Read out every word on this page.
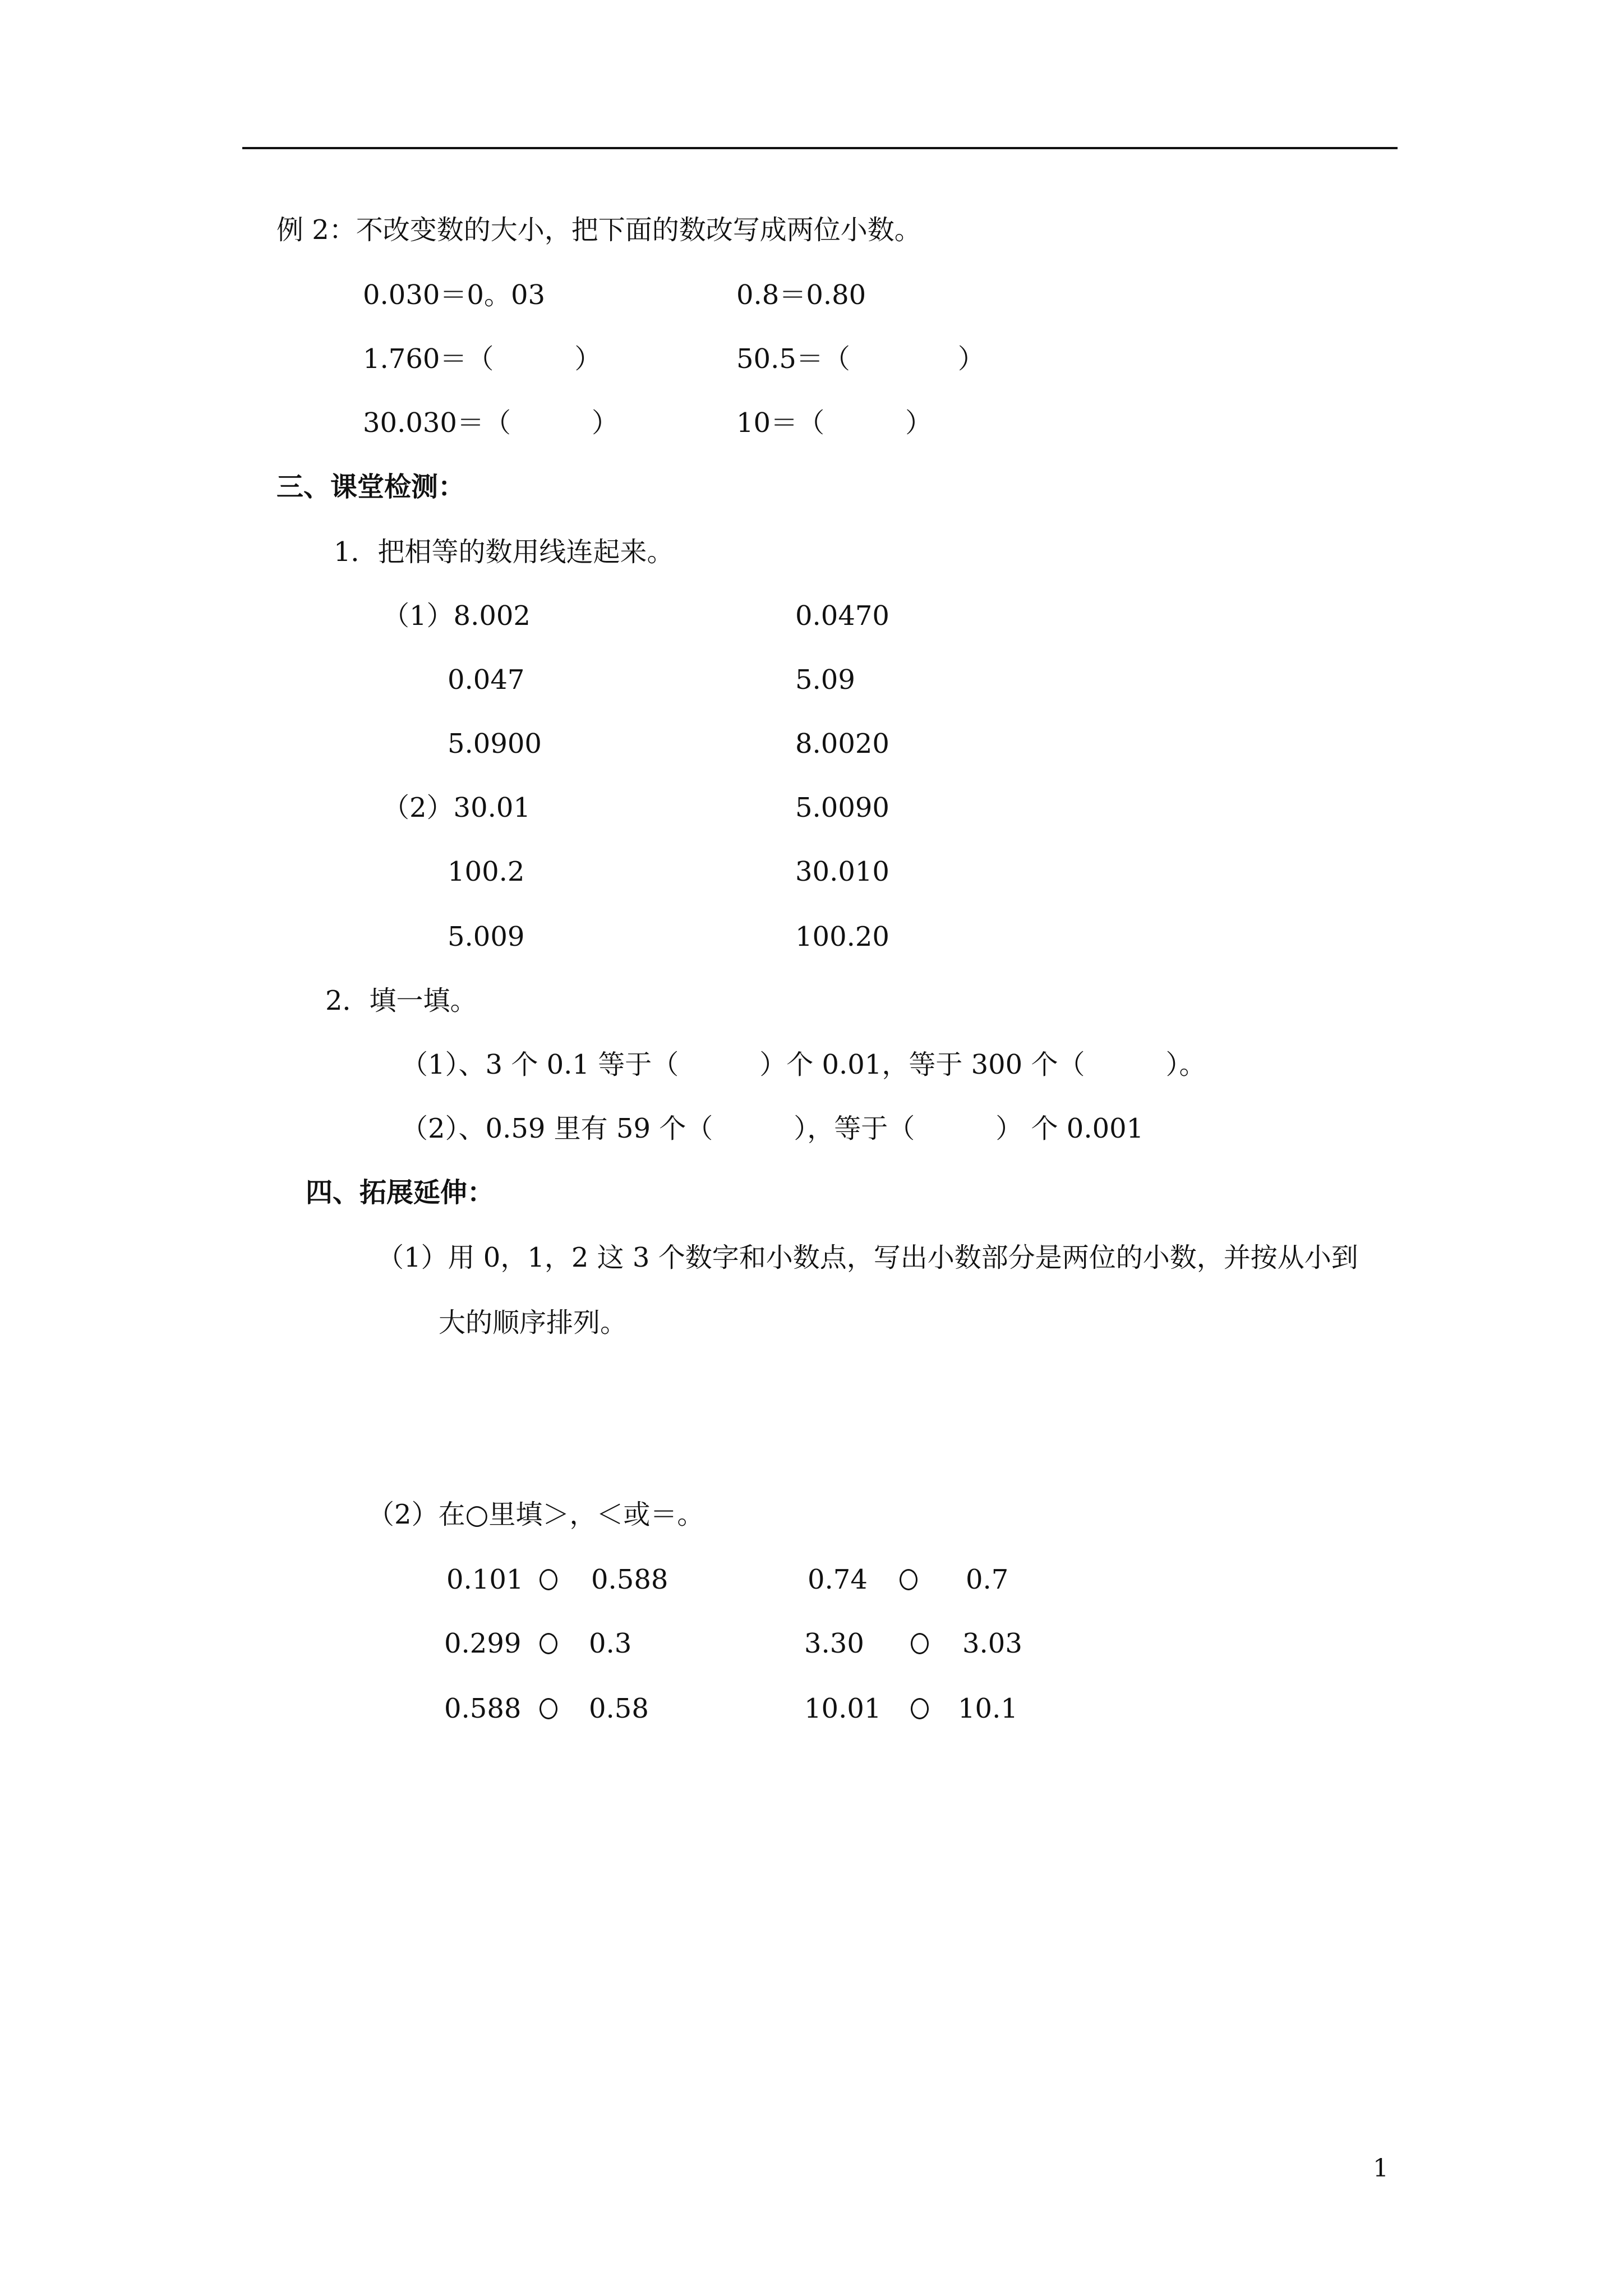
例 2：不改变数的大小，把下面的数改写成两位小数。
0.030＝0。03	0.8＝0.80
1.760＝（　　　）	50.5＝（　　　　）
30.030＝（　　　）	10＝（　　　）
三、课堂检测：
1．把相等的数用线连起来。
（1）8.002	0.0470
0.047	5.09
5.0900	8.0020
（2）30.01	5.0090
100.2	30.010
5.009	100.20
2．填一填。
（1）、3 个 0.1 等于（　　　）个 0.01，等于 300 个（　　　）。
（2）、0.59 里有 59 个（　　　），等于（　　　） 个 0.001
四、拓展延伸：
（1）用 0，1，2 这 3 个数字和小数点，写出小数部分是两位的小数，并按从小到
大的顺序排列。
（2）在○里填＞，＜或＝。
0.101	0.588	0.74	0.7
0.299	0.3	3.30	3.03
0.588	0.58	10.01	10.1
1
